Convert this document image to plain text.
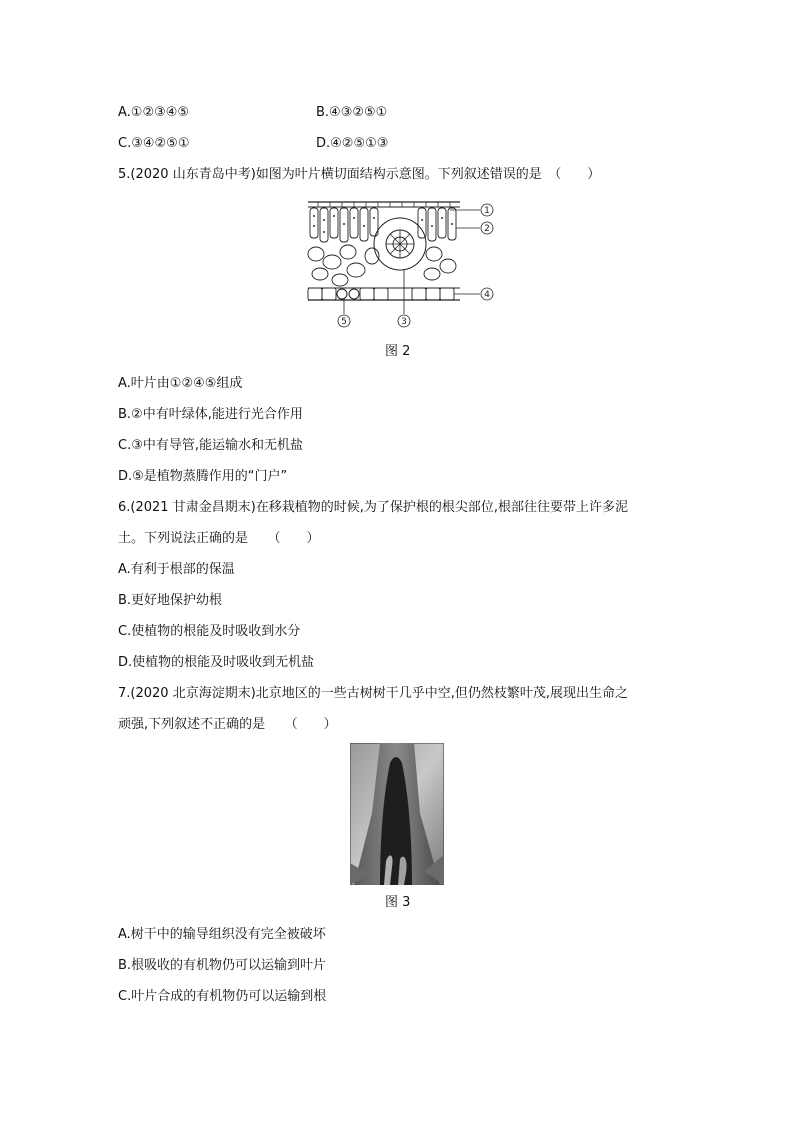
A.①②③④⑤	B.④③②⑤①
C.③④②⑤①	D.④②⑤①③
5.(2020 山东青岛中考)如图为叶片横切面结构示意图。下列叙述错误的是　（　　）
1
2
4
5	3
图 2
A.叶片由①②④⑤组成
B.②中有叶绿体,能进行光合作用
C.③中有导管,能运输水和无机盐
D.⑤是植物蒸腾作用的“门户”
6.(2021 甘肃金昌期末)在移栽植物的时候,为了保护根的根尖部位,根部往往要带上许多泥
土。下列说法正确的是　　（　　）
A.有利于根部的保温
B.更好地保护幼根
C.使植物的根能及时吸收到水分
D.使植物的根能及时吸收到无机盐
7.(2020 北京海淀期末)北京地区的一些古树树干几乎中空,但仍然枝繁叶茂,展现出生命之
顽强,下列叙述不正确的是　　（　　）
图 3
A.树干中的输导组织没有完全被破坏
B.根吸收的有机物仍可以运输到叶片
C.叶片合成的有机物仍可以运输到根
